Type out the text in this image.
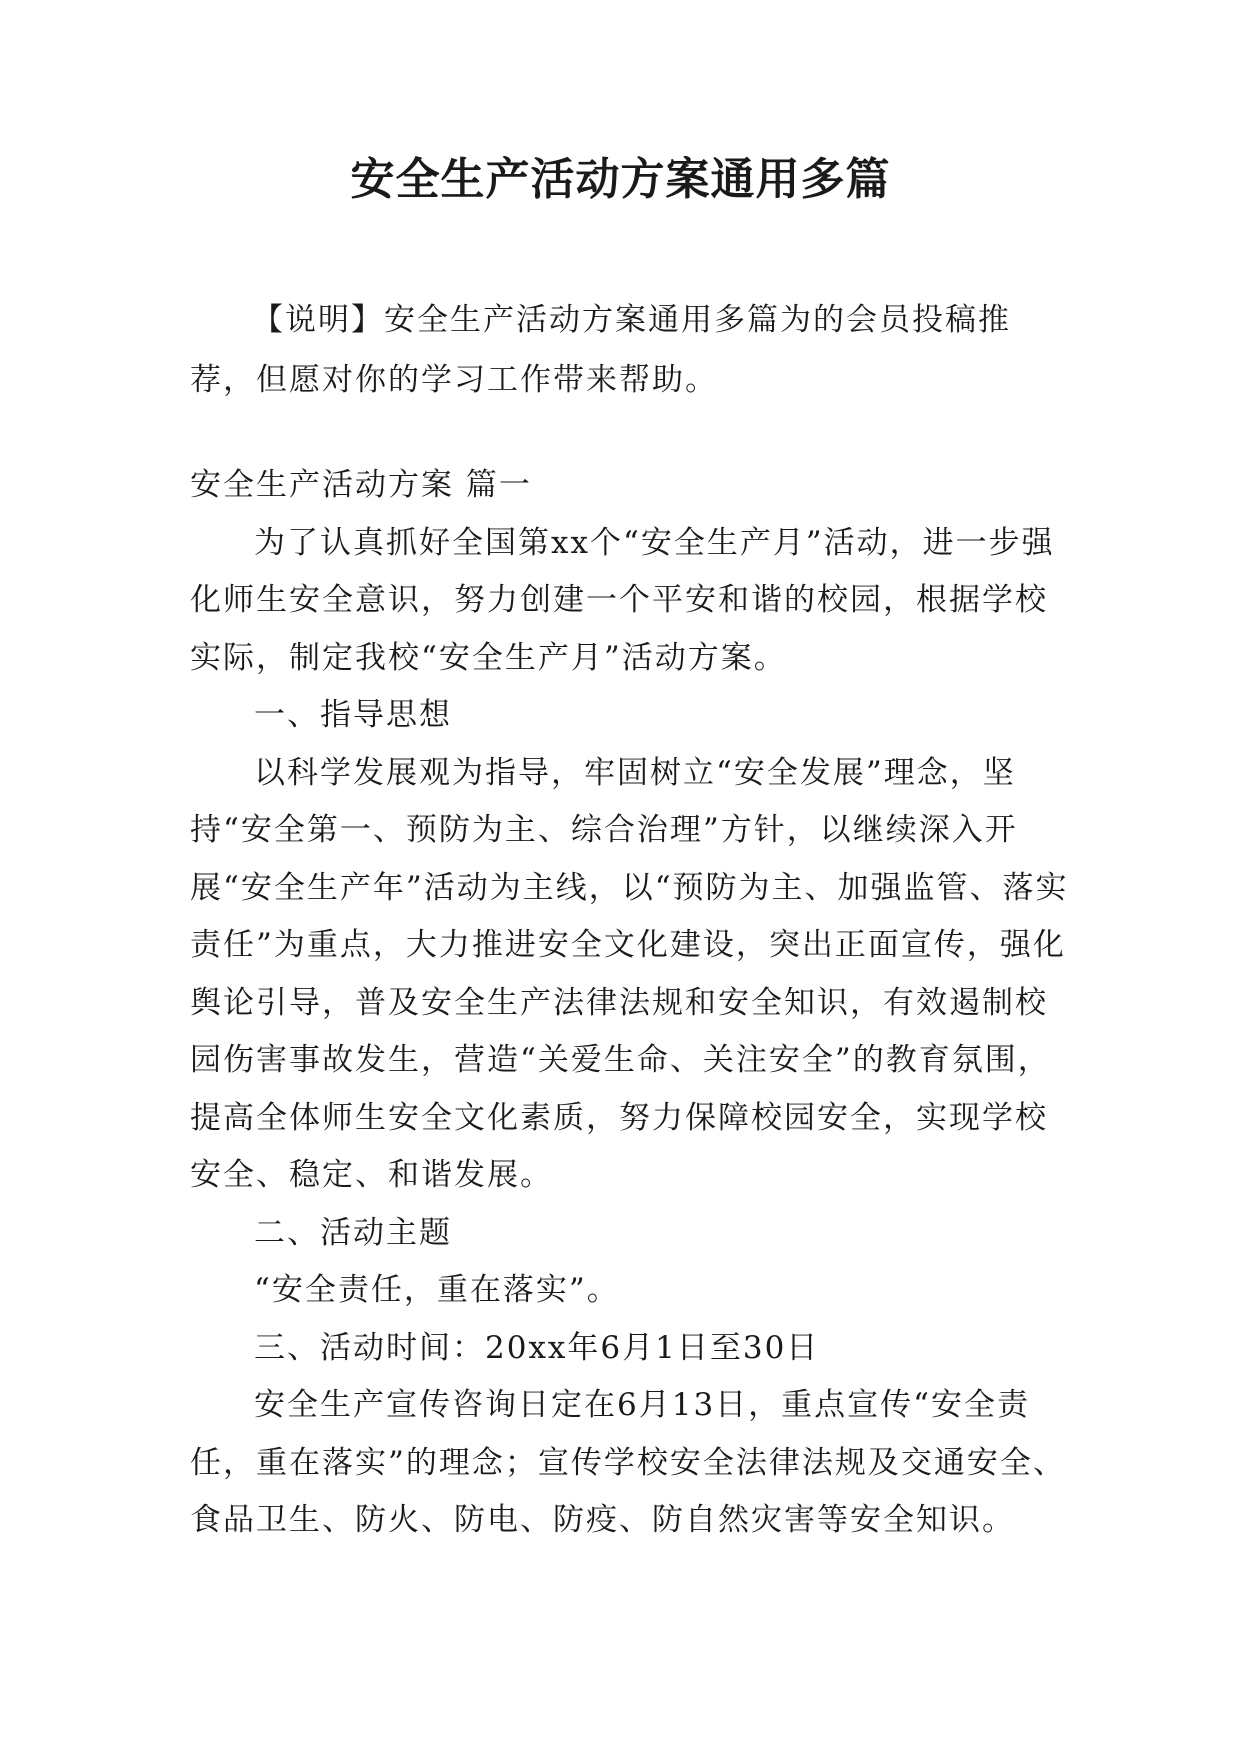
安全生产活动方案通用多篇

【说明】安全生产活动方案通用多篇为的会员投稿推荐，但愿对你的学习工作带来帮助。

安全生产活动方案 篇一

为了认真抓好全国第xx个“安全生产月”活动，进一步强化师生安全意识，努力创建一个平安和谐的校园，根据学校实际，制定我校“安全生产月”活动方案。

一、指导思想

以科学发展观为指导，牢固树立“安全发展”理念，坚持“安全第一、预防为主、综合治理”方针，以继续深入开展“安全生产年”活动为主线，以“预防为主、加强监管、落实责任”为重点，大力推进安全文化建设，突出正面宣传，强化舆论引导，普及安全生产法律法规和安全知识，有效遏制校园伤害事故发生，营造“关爱生命、关注安全”的教育氛围，提高全体师生安全文化素质，努力保障校园安全，实现学校安全、稳定、和谐发展。

二、活动主题

“安全责任，重在落实”。

三、活动时间：20xx年6月1日至30日

安全生产宣传咨询日定在6月13日，重点宣传“安全责任，重在落实”的理念；宣传学校安全法律法规及交通安全、食品卫生、防火、防电、防疫、防自然灾害等安全知识。
